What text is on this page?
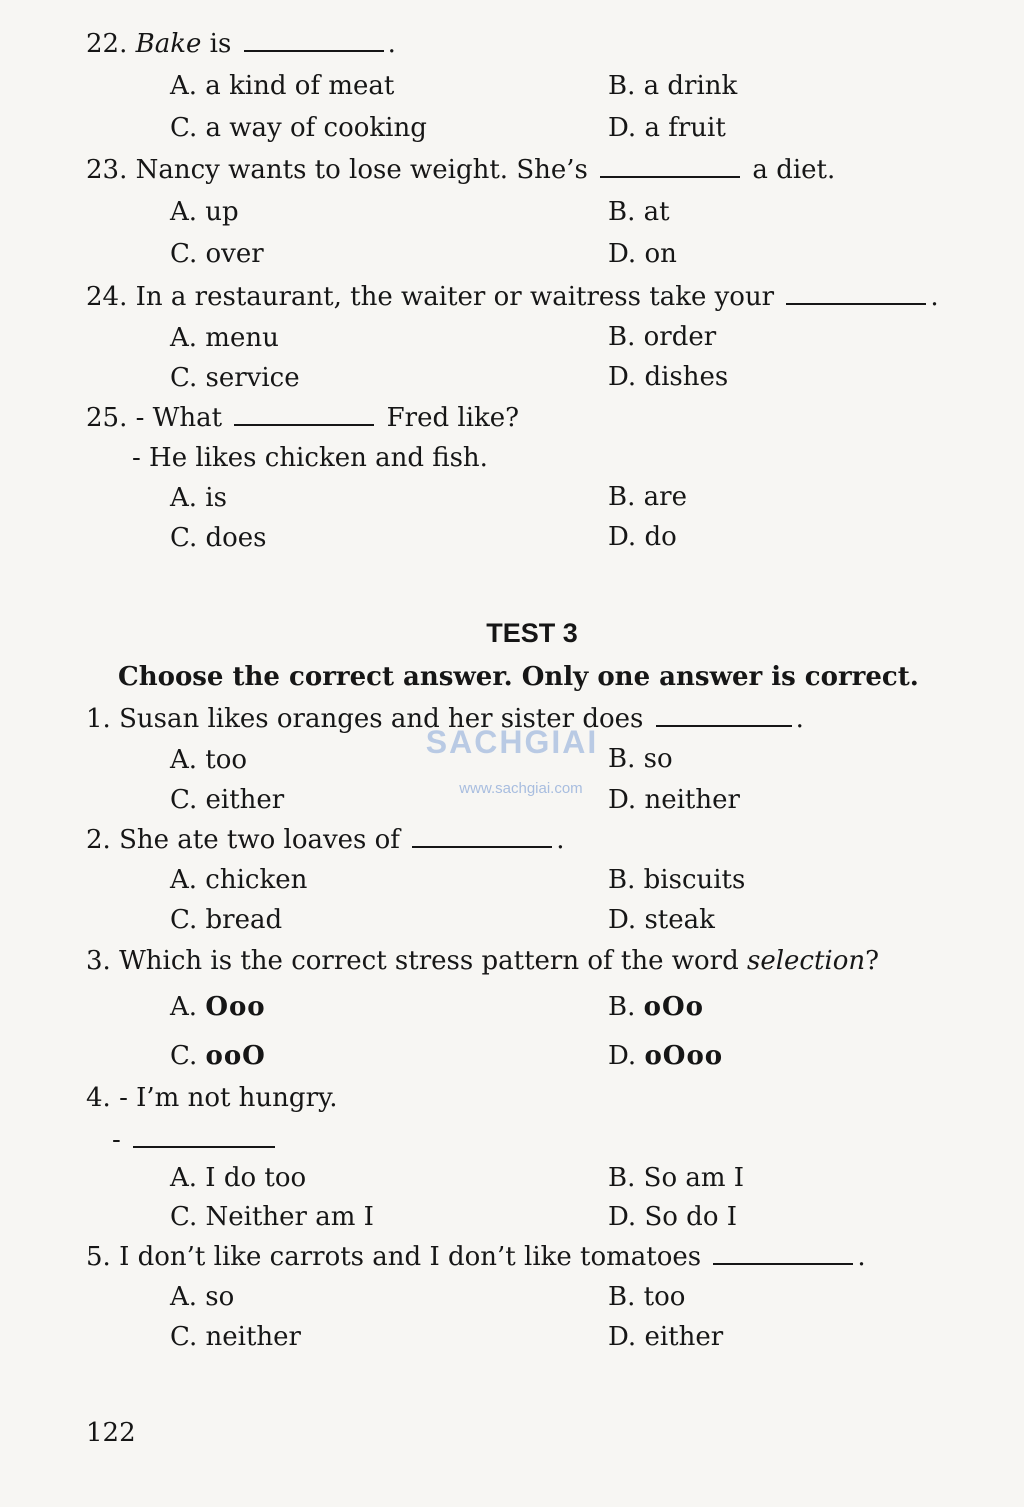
22. Bake is	.
A. a kind of meat	B. a drink
C. a way of cooking	D. a fruit
23. Nancy wants to lose weight. She’s	a diet.
A. up	B. at
C. over	D. on
24. In a restaurant, the waiter or waitress take your	.
A. menu	B. order
C. service	D. dishes
25. - What	Fred like?
- He likes chicken and fish.
A. is	B. are
C. does	D. do
TEST 3
Choose the correct answer. Only one answer is correct.
1. Susan likes oranges and her sister does	.
A. too	B. so
C. either	D. neither
2. She ate two loaves of	.
A. chicken	B. biscuits
C. bread	D. steak
3. Which is the correct stress pattern of the word selection?
A. Ooo	B. oOo
C. ooO	D. oOoo
4. - I’m not hungry.
-
A. I do too	B. So am I
C. Neither am I	D. So do I
5. I don’t like carrots and I don’t like tomatoes	.
A. so	B. too
C. neither	D. either
122
SACHGIAI
www.sachgiai.com
